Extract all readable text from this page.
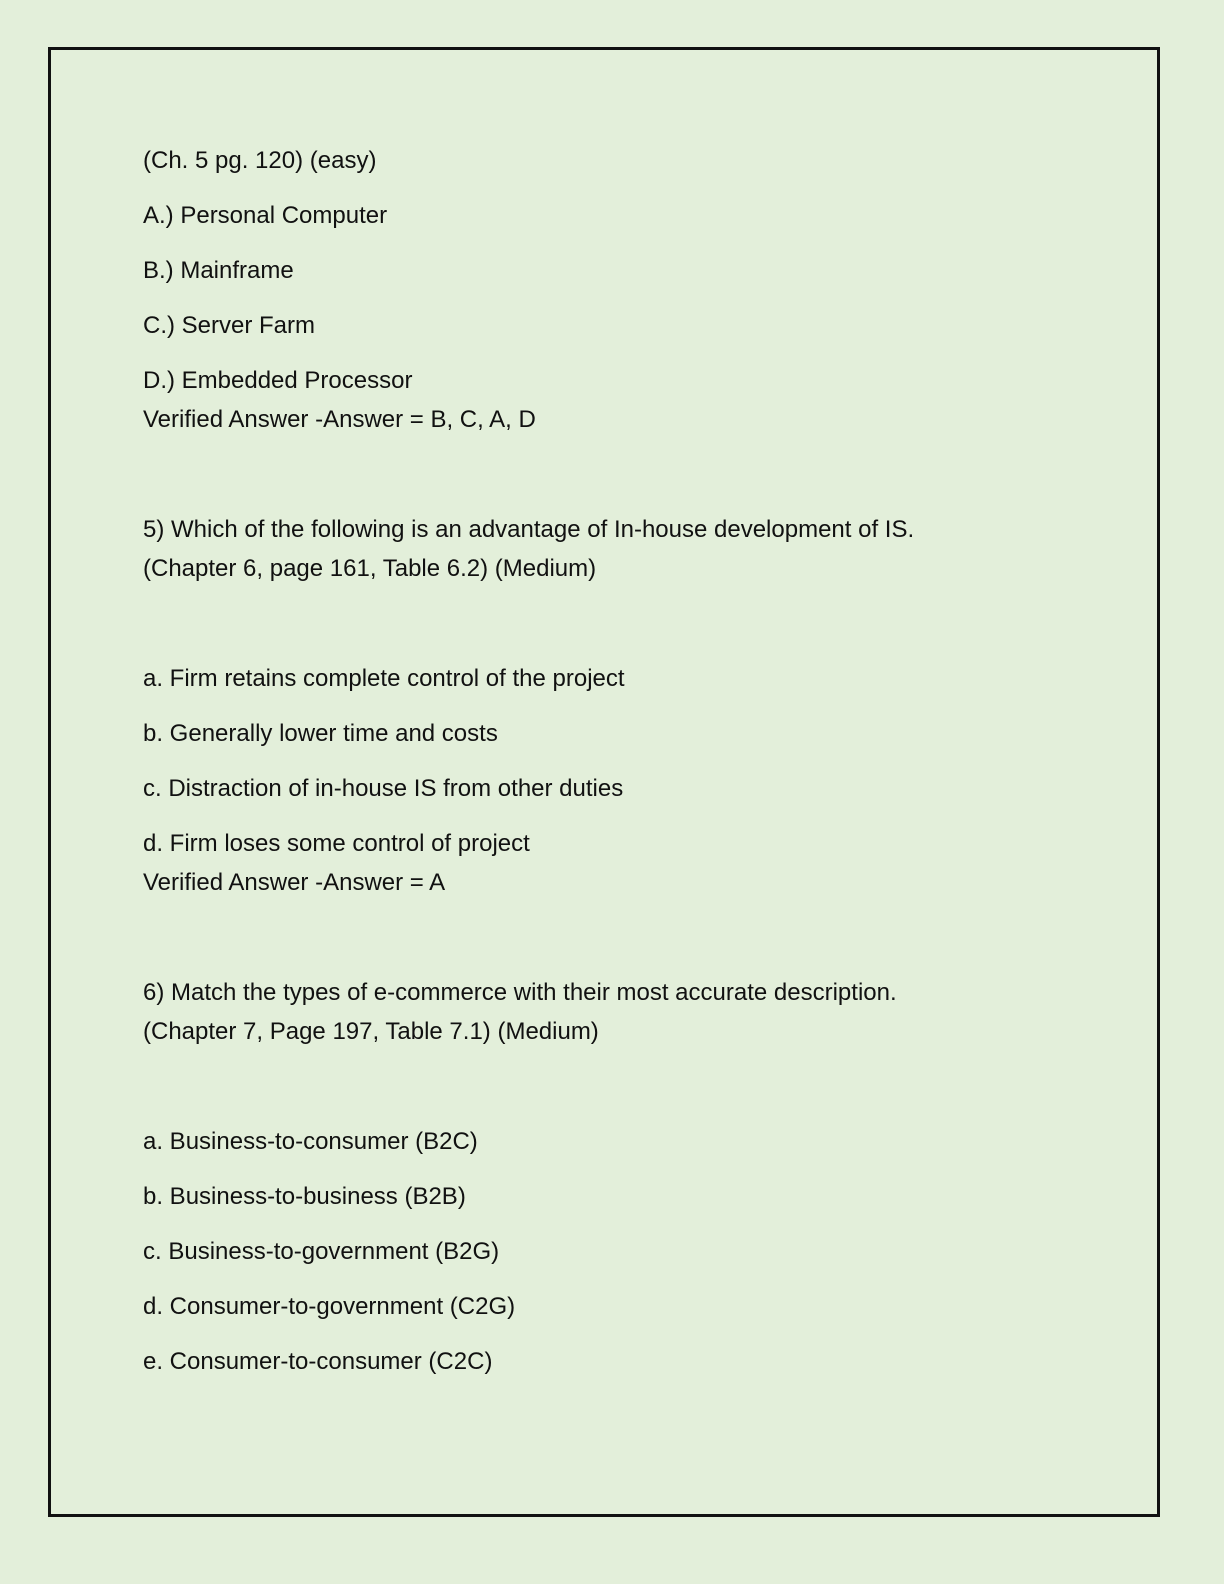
(Ch. 5 pg. 120) (easy)

A.) Personal Computer

B.) Mainframe

C.) Server Farm

D.) Embedded Processor

Verified Answer -Answer = B, C, A, D

5) Which of the following is an advantage of In-house development of IS.

(Chapter 6, page 161, Table 6.2) (Medium)

a. Firm retains complete control of the project

b. Generally lower time and costs

c. Distraction of in-house IS from other duties

d. Firm loses some control of project

Verified Answer -Answer = A

6) Match the types of e-commerce with their most accurate description.

(Chapter 7, Page 197, Table 7.1) (Medium)

a. Business-to-consumer (B2C)

b. Business-to-business (B2B)

c. Business-to-government (B2G)

d. Consumer-to-government (C2G)

e. Consumer-to-consumer (C2C)
